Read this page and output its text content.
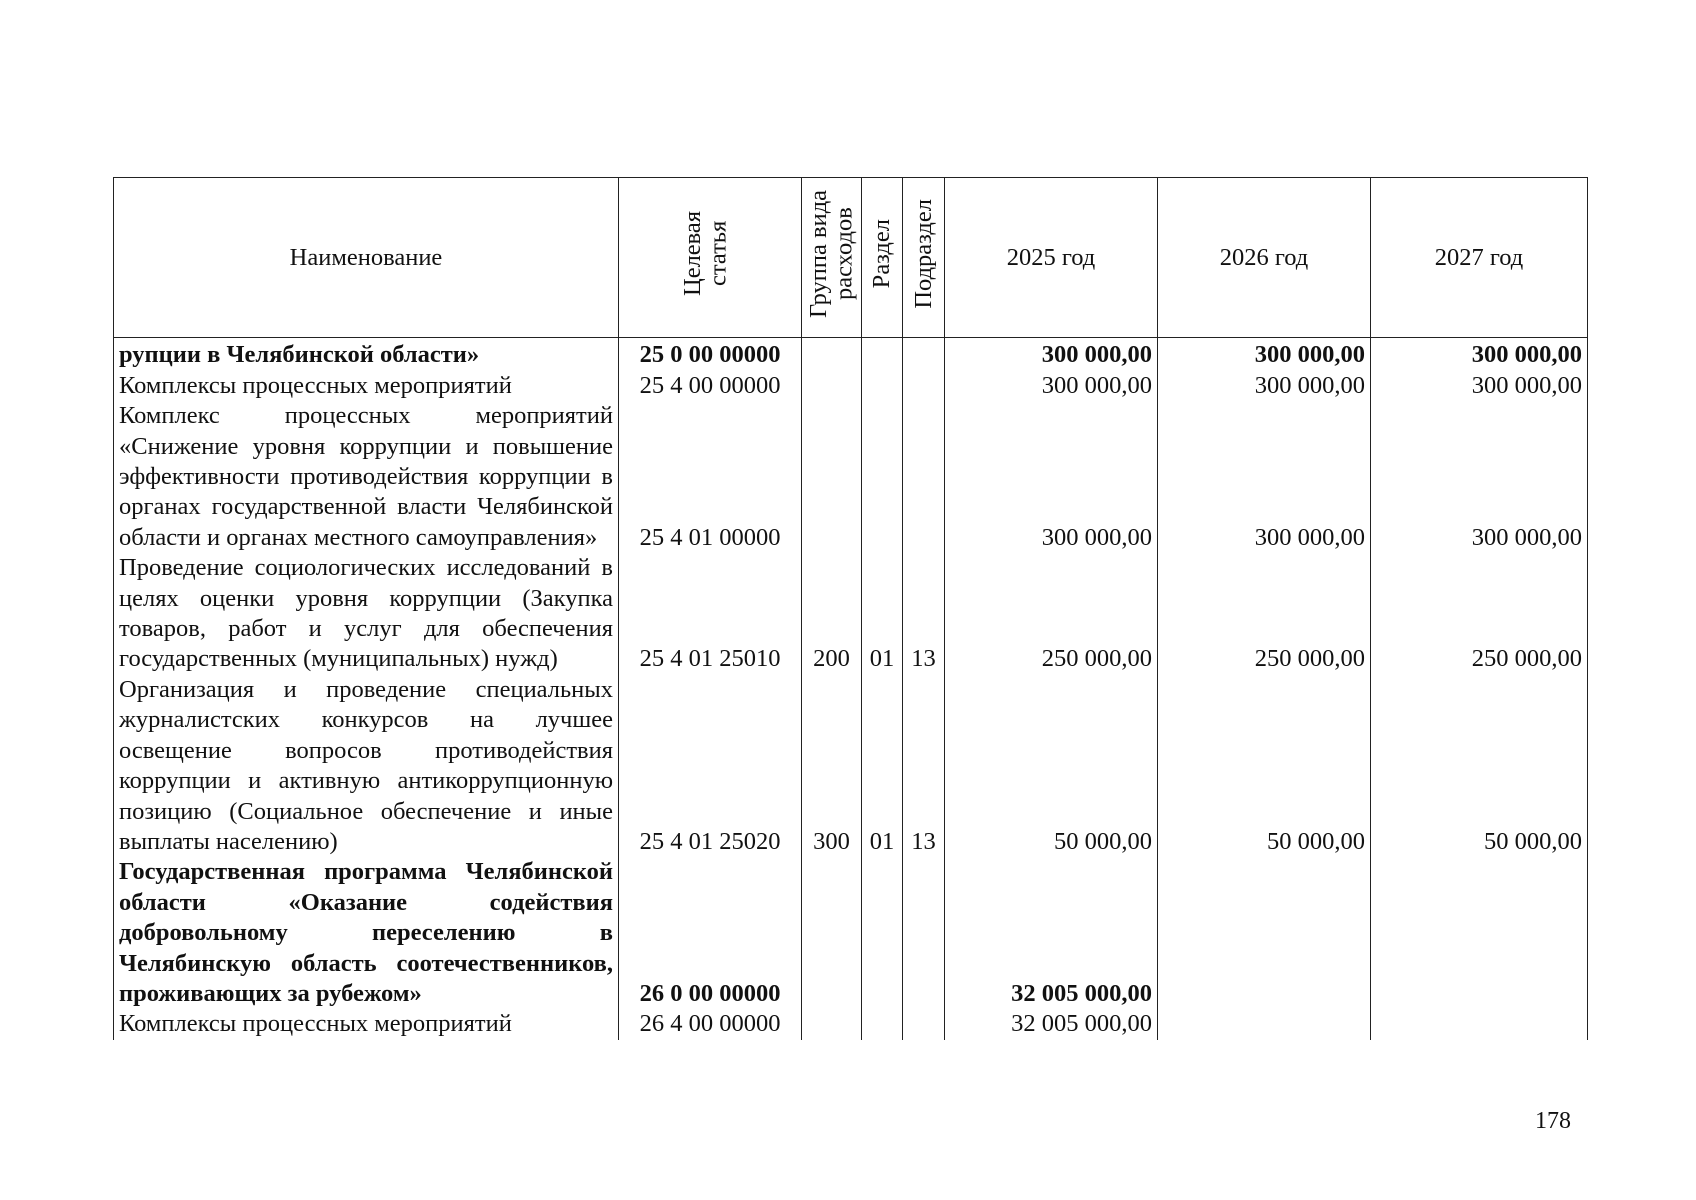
Наименование	Целевая статья	Группа вида расходов	Раздел	Подраздел	2025 год	2026 год	2027 год
рупции в Челябинской области»	25 0 00 00000				300 000,00	300 000,00	300 000,00
Комплексы процессных мероприятий	25 4 00 00000				300 000,00	300 000,00	300 000,00
Комплекс процессных мероприятий «Снижение уровня коррупции и повышение эффективности противодействия коррупции в органах государственной власти Челябинской области и органах местного самоуправления»	25 4 01 00000				300 000,00	300 000,00	300 000,00
Проведение социологических исследований в целях оценки уровня коррупции (Закупка товаров, работ и услуг для обеспечения государственных (муниципальных) нужд)	25 4 01 25010	200	01	13	250 000,00	250 000,00	250 000,00
Организация и проведение специальных журналистских конкурсов на лучшее освещение вопросов противодействия коррупции и активную антикоррупционную позицию (Социальное обеспечение и иные выплаты населению)	25 4 01 25020	300	01	13	50 000,00	50 000,00	50 000,00
Государственная программа Челябинской области «Оказание содействия добровольному переселению в Челябинскую область соотечественников, проживающих за рубежом»	26 0 00 00000				32 005 000,00		
Комплексы процессных мероприятий	26 4 00 00000				32 005 000,00		
178
